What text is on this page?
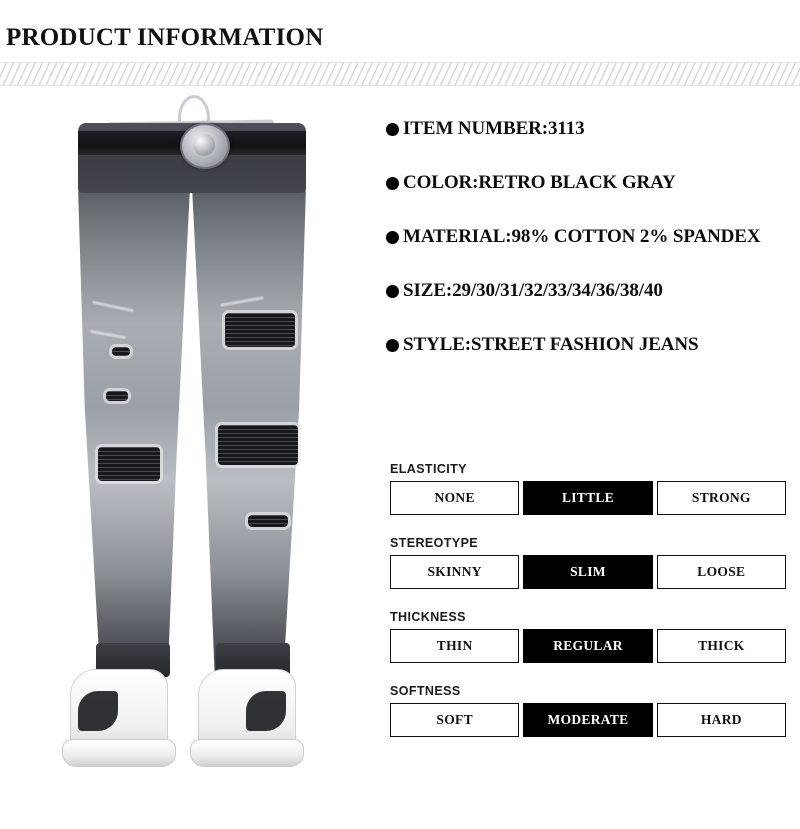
PRODUCT INFORMATION
ITEM NUMBER:3113
COLOR:RETRO BLACK GRAY
MATERIAL:98% COTTON 2% SPANDEX
SIZE:29/30/31/32/33/34/36/38/40
STYLE:STREET FASHION JEANS
ELASTICITY
NONE	LITTLE	STRONG
STEREOTYPE
SKINNY	SLIM	LOOSE
THICKNESS
THIN	REGULAR	THICK
SOFTNESS
SOFT	MODERATE	HARD
